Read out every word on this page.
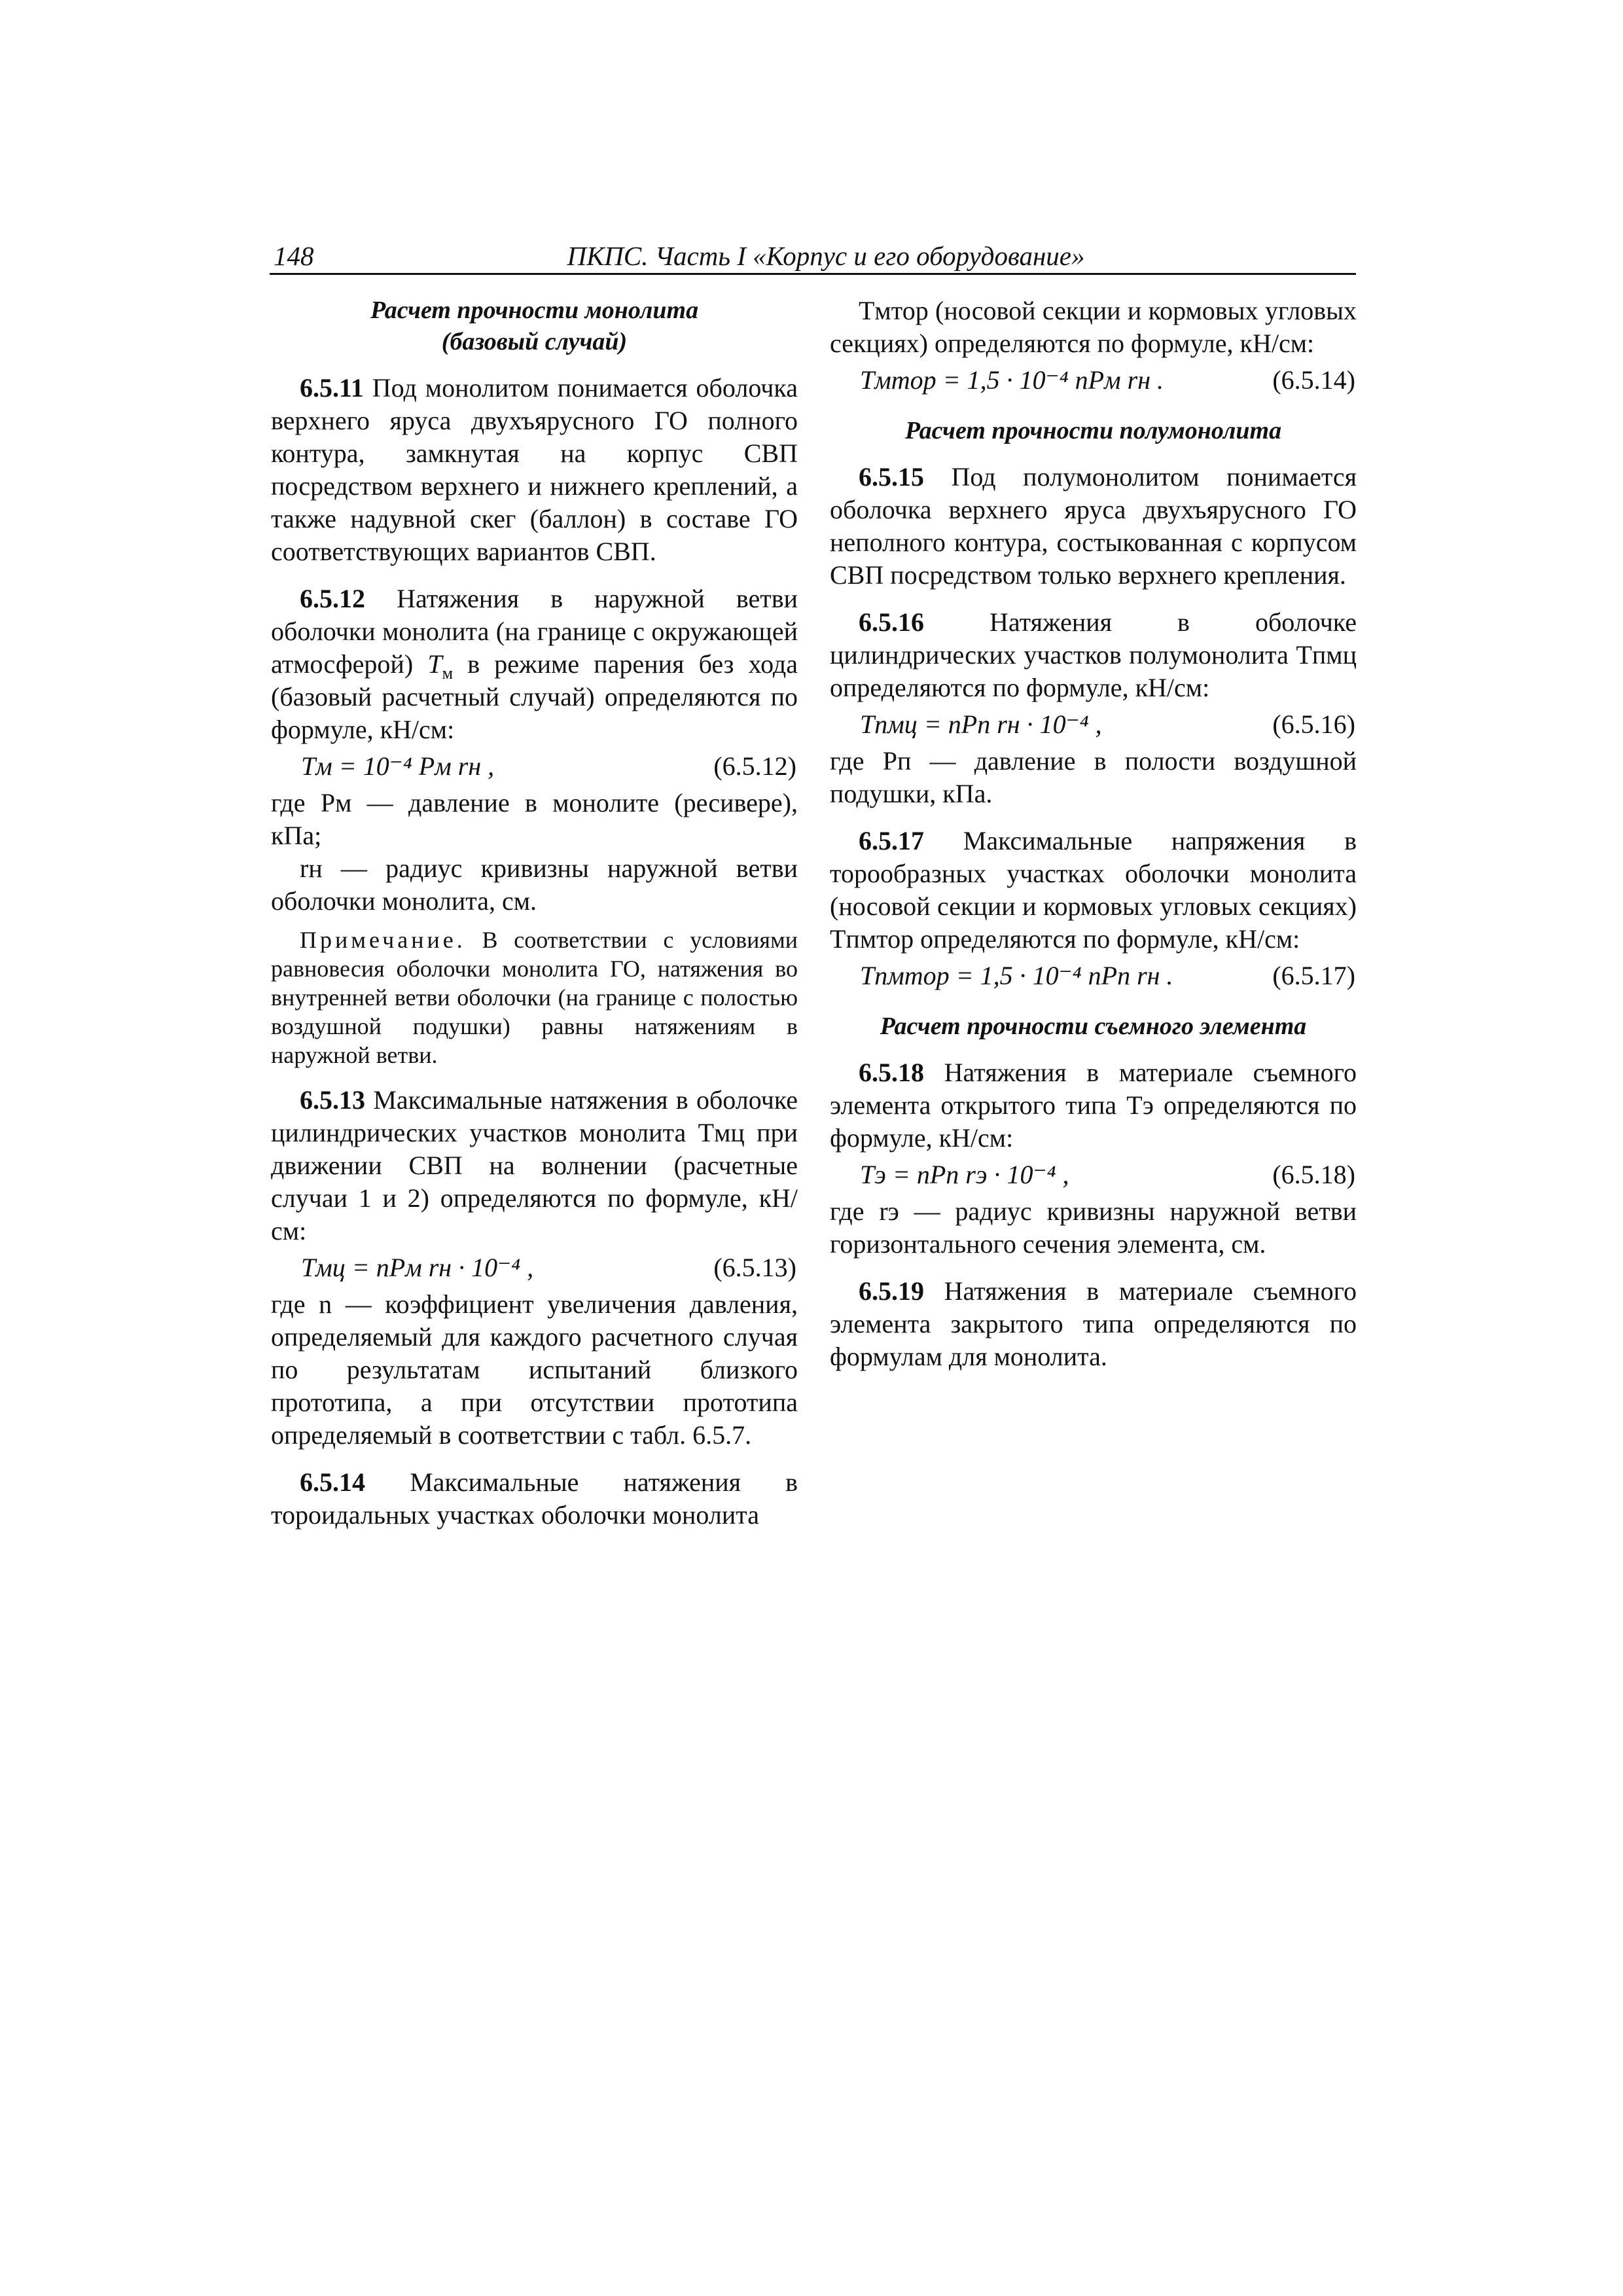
148	ПКПС. Часть I «Корпус и его оборудование»
Расчет прочности монолита
(базовый случай)

6.5.11 Под монолитом понимается оболочка верхнего яруса двухъярусного ГО полного контура, замкнутая на корпус СВП посредством верхнего и нижнего креплений, а также надувной скег (баллон) в составе ГО соответствующих вариантов СВП.

6.5.12 Натяжения в наружной ветви оболочки монолита (на границе с окружающей атмосферой) $T_м$ в режиме парения без хода (базовый расчетный случай) определяются по формуле, кН/см:

Tм = 10⁻⁴ Pм rн ,	(6.5.12)

где Pм — давление в монолите (ресивере), кПа;

rн — радиус кривизны наружной ветви оболочки монолита, см.

Примечание. В соответствии с условиями равновесия оболочки монолита ГО, натяжения во внутренней ветви оболочки (на границе с полостью воздушной подушки) равны натяжениям в наружной ветви.

6.5.13 Максимальные натяжения в оболочке цилиндрических участков монолита Tмц при движении СВП на волнении (расчетные случаи 1 и 2) определяются по формуле, кН/см:

Tмц = nPм rн · 10⁻⁴ ,	(6.5.13)

где n — коэффициент увеличения давления, определяемый для каждого расчетного случая по результатам испытаний близкого прототипа, а при отсутствии прототипа определяемый в соответствии с табл. 6.5.7.

6.5.14 Максимальные натяжения в тороидальных участках оболочки монолита

Tмтор (носовой секции и кормовых угловых секциях) определяются по формуле, кН/см:

Tмтор = 1,5 · 10⁻⁴ nPм rн .	(6.5.14)
Расчет прочности полумонолита

6.5.15 Под полумонолитом понимается оболочка верхнего яруса двухъярусного ГО неполного контура, состыкованная с корпусом СВП посредством только верхнего крепления.

6.5.16	Натяжения в оболочке цилиндрических участков полумонолита Tпмц определяются по формуле, кН/см:

Tпмц = nPп rн · 10⁻⁴ ,	(6.5.16)

где Pп — давление в полости воздушной подушки, кПа.

6.5.17 Максимальные напряжения в торообразных участках оболочки монолита (носовой секции и кормовых угловых секциях) Tпмтор определяются по формуле, кН/см:

Tпмтор = 1,5 · 10⁻⁴ nPп rн .	(6.5.17)
Расчет прочности съемного элемента

6.5.18 Натяжения в материале съемного элемента открытого типа Tэ определяются по формуле, кН/см:

Tэ = nPп rэ · 10⁻⁴ ,	(6.5.18)

где rэ — радиус кривизны наружной ветви горизонтального сечения элемента, см.

6.5.19 Натяжения в материале съемного элемента закрытого типа определяются по формулам для монолита.
